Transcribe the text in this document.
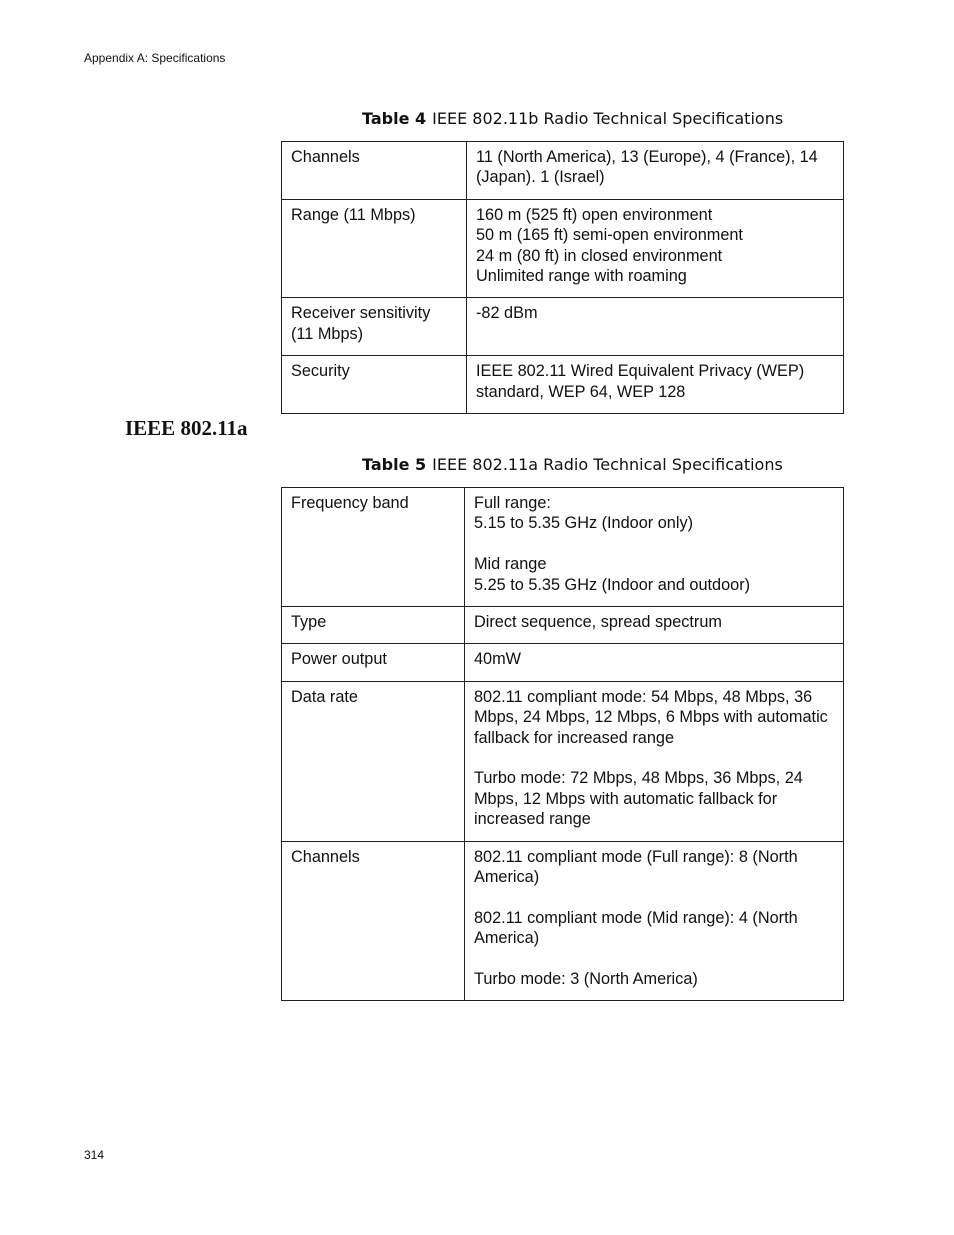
Appendix A: Specifications
Table 4 IEEE 802.11b Radio Technical Specifications
Channels	11 (North America), 13 (Europe), 4 (France), 14 (Japan). 1 (Israel)

Range (11 Mbps)	160 m (525 ft) open environment
50 m (165 ft) semi-open environment
24 m (80 ft) in closed environment
Unlimited range with roaming

Receiver sensitivity (11 Mbps)	-82 dBm

Security	IEEE 802.11 Wired Equivalent Privacy (WEP) standard, WEP 64, WEP 128

IEEE 802.11a
Table 5 IEEE 802.11a Radio Technical Specifications
Frequency band	Full range:
5.15 to 5.35 GHz (Indoor only)

Mid range
5.25 to 5.35 GHz (Indoor and outdoor)

Type	Direct sequence, spread spectrum

Power output	40mW

Data rate	802.11 compliant mode: 54 Mbps, 48 Mbps, 36 Mbps, 24 Mbps, 12 Mbps, 6 Mbps with automatic fallback for increased range

Turbo mode: 72 Mbps, 48 Mbps, 36 Mbps, 24 Mbps, 12 Mbps with automatic fallback for increased range

Channels	802.11 compliant mode (Full range): 8 (North America)

802.11 compliant mode (Mid range): 4 (North America)

Turbo mode: 3 (North America)

314
